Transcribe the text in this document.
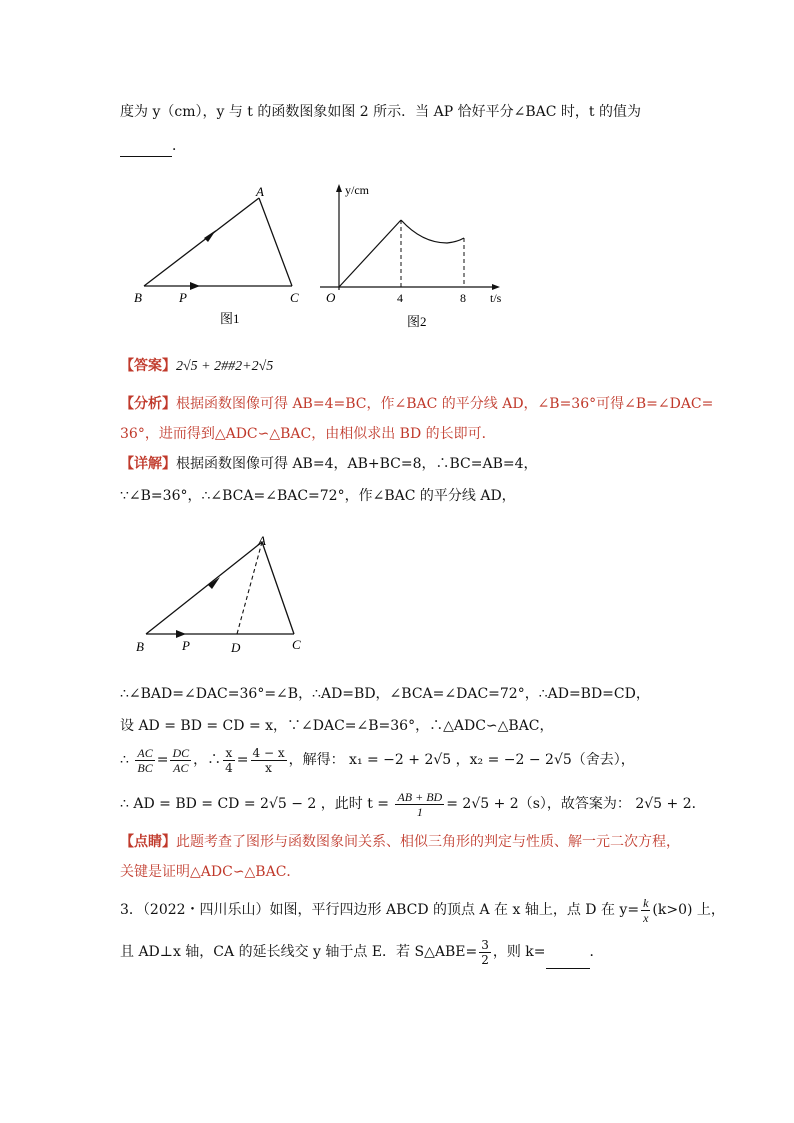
度为 y（cm），y 与 t 的函数图象如图 2 所示．当 AP 恰好平分∠BAC 时，t 的值为
．
A
B	C
P
图1
y/cm
O	4	8 t/s
图2
【答案】2√5 + 2##2+2√5
【分析】根据函数图像可得 AB=4=BC，作∠BAC 的平分线 AD，∠B=36°可得∠B=∠DAC=
36°，进而得到△ADC∽△BAC，由相似求出 BD 的长即可．
【详解】根据函数图像可得 AB=4，AB+BC=8，∴BC=AB=4，
∵∠B=36°，∴∠BCA=∠BAC=72°，作∠BAC 的平分线 AD，
A
B	C
P	D
∴∠BAD=∠DAC=36°=∠B，∴AD=BD，∠BCA=∠DAC=72°，∴AD=BD=CD，
设 AD = BD = CD = x，∵∠DAC=∠B=36°，∴△ADC∽△BAC，
∴ $\frac{AC}{BC} = \frac{DC}{AC}$ ，∴ $\frac{x}{4} = \frac{4 - x}{x}$ ，解得： x₁ = −2 + 2√5 ，x₂ = −2 − 2√5（舍去），
∴ AD = BD = CD = 2√5 − 2 ，此时 $t = \frac{AB + BD}{1} = 2√5 + 2(s)$，故答案为： 2√5 + 2．
【点睛】此题考查了图形与函数图象间关系、相似三角形的判定与性质、解一元二次方程，
关键是证明△ADC∽△BAC．
3．（2022・四川乐山）如图，平行四边形 ABCD 的顶点 A 在 x 轴上，点 D 在 $y= \frac{k}{x} (k>0)$ 上，
且 AD⊥x 轴，CA 的延长线交 y 轴于点 E．若 S△ABE= $\frac{3}{2}$ ，则 k=	．
